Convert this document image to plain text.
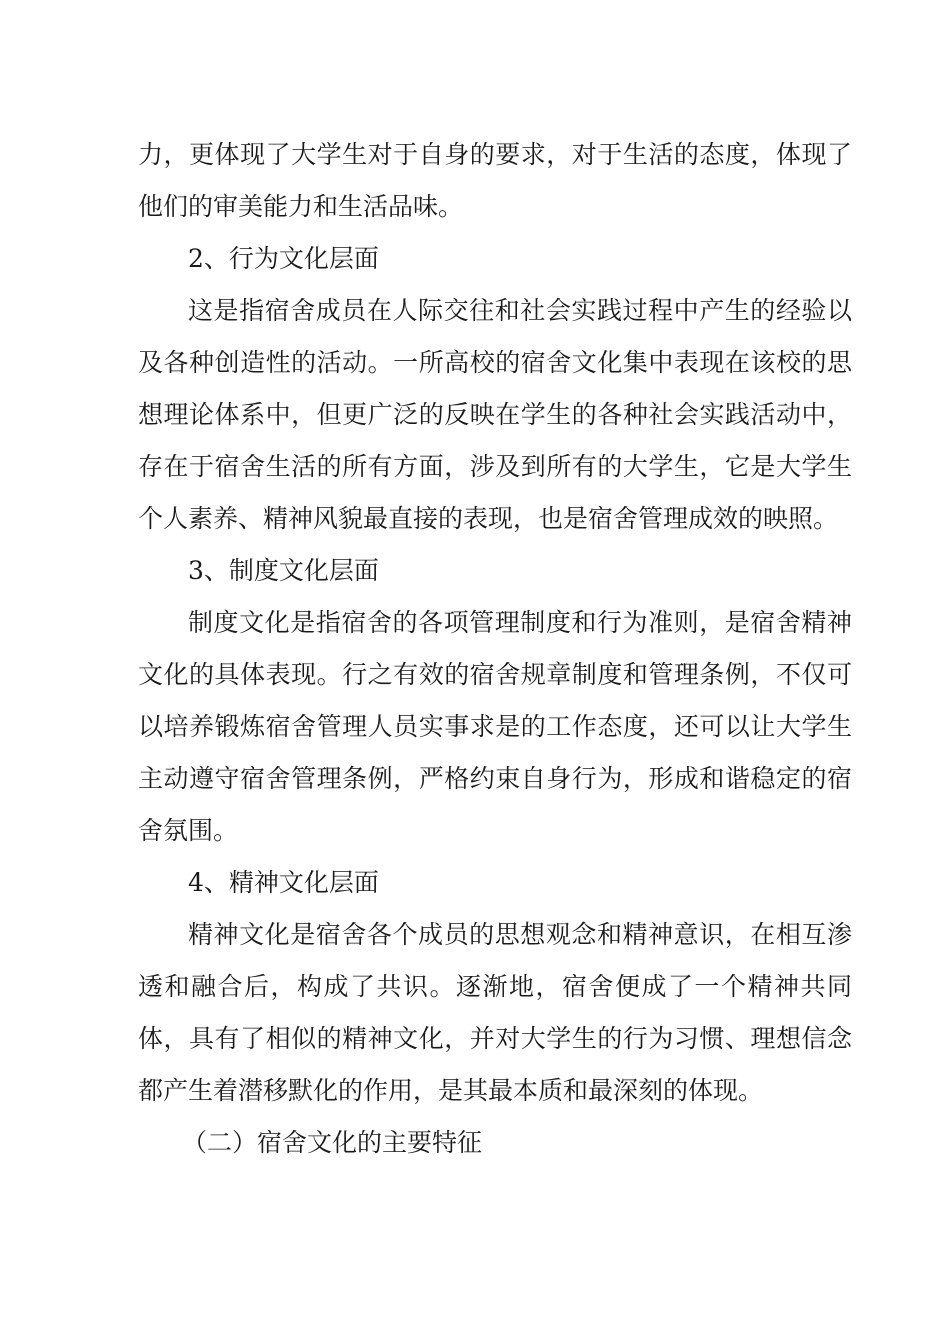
力，更体现了大学生对于自身的要求，对于生活的态度，体现了他们的审美能力和生活品味。

2、行为文化层面

这是指宿舍成员在人际交往和社会实践过程中产生的经验以及各种创造性的活动。一所高校的宿舍文化集中表现在该校的思想理论体系中，但更广泛的反映在学生的各种社会实践活动中，存在于宿舍生活的所有方面，涉及到所有的大学生，它是大学生个人素养、精神风貌最直接的表现，也是宿舍管理成效的映照。

3、制度文化层面

制度文化是指宿舍的各项管理制度和行为准则，是宿舍精神文化的具体表现。行之有效的宿舍规章制度和管理条例，不仅可以培养锻炼宿舍管理人员实事求是的工作态度，还可以让大学生主动遵守宿舍管理条例，严格约束自身行为，形成和谐稳定的宿舍氛围。

4、精神文化层面

精神文化是宿舍各个成员的思想观念和精神意识，在相互渗透和融合后，构成了共识。逐渐地，宿舍便成了一个精神共同体，具有了相似的精神文化，并对大学生的行为习惯、理想信念都产生着潜移默化的作用，是其最本质和最深刻的体现。

（二）宿舍文化的主要特征
